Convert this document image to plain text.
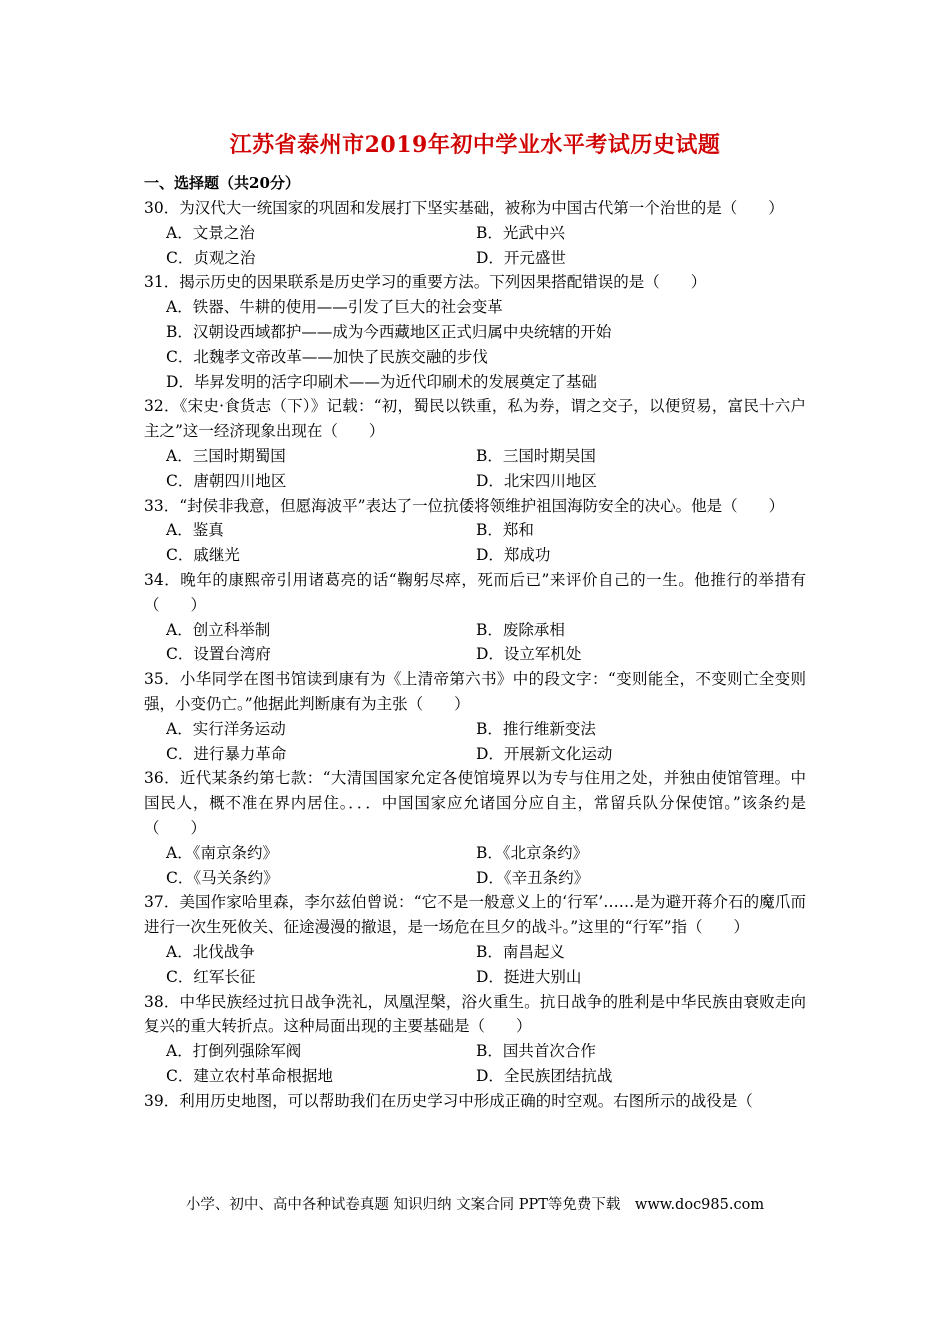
江苏省泰州市2019年初中学业水平考试历史试题
一、选择题（共20分）

30．为汉代大一统国家的巩固和发展打下坚实基础，被称为中国古代第一个治世的是（　　）

A．文景之治	B．光武中兴
C．贞观之治	D．开元盛世

31．揭示历史的因果联系是历史学习的重要方法。下列因果搭配错误的是（　　）

A．铁器、牛耕的使用——引发了巨大的社会变革
B．汉朝设西域都护——成为今西藏地区正式归属中央统辖的开始
C．北魏孝文帝改革——加快了民族交融的步伐
D．毕昇发明的活字印刷术——为近代印刷术的发展奠定了基础

32．《宋史·食货志（下）》记载：“初，蜀民以铁重，私为券，谓之交子，以便贸易，富民十六户主之”这一经济现象出现在（　　）

A．三国时期蜀国	B．三国时期吴国
C．唐朝四川地区	D．北宋四川地区

33．“封侯非我意，但愿海波平”表达了一位抗倭将领维护祖国海防安全的决心。他是（　　）

A．鉴真	B．郑和
C．戚继光	D．郑成功

34．晚年的康熙帝引用诸葛亮的话“鞠躬尽瘁，死而后已”来评价自己的一生。他推行的举措有（　　）

A．创立科举制	B．废除承相
C．设置台湾府	D．设立军机处

35．小华同学在图书馆读到康有为《上清帝第六书》中的段文字：“变则能全，不变则亡全变则强，小变仍亡。”他据此判断康有为主张（　　）

A．实行洋务运动	B．推行维新变法
C．进行暴力革命	D．开展新文化运动

36．近代某条约第七款：“大清国国家允定各使馆境界以为专与住用之处，并独由使馆管理。中国民人，概不准在界内居住。．．．中国国家应允诸国分应自主，常留兵队分保使馆。”该条约是（　　）

A．《南京条约》	B．《北京条约》
C．《马关条约》	D．《辛丑条约》

37．美国作家哈里森，李尔兹伯曾说：“它不是一般意义上的‘行军’……是为避开蒋介石的魔爪而进行一次生死攸关、征途漫漫的撤退，是一场危在旦夕的战斗。”这里的“行军”指（　　）

A．北伐战争	B．南昌起义
C．红军长征	D．挺进大别山

38．中华民族经过抗日战争洗礼，凤凰涅槃，浴火重生。抗日战争的胜利是中华民族由衰败走向复兴的重大转折点。这种局面出现的主要基础是（　　）

A．打倒列强除军阀	B．国共首次合作
C．建立农村革命根据地	D．全民族团结抗战

39．利用历史地图，可以帮助我们在历史学习中形成正确的时空观。右图所示的战役是（

小学、初中、高中各种试卷真题 知识归纳 文案合同 PPT等免费下载　www.doc985.com
